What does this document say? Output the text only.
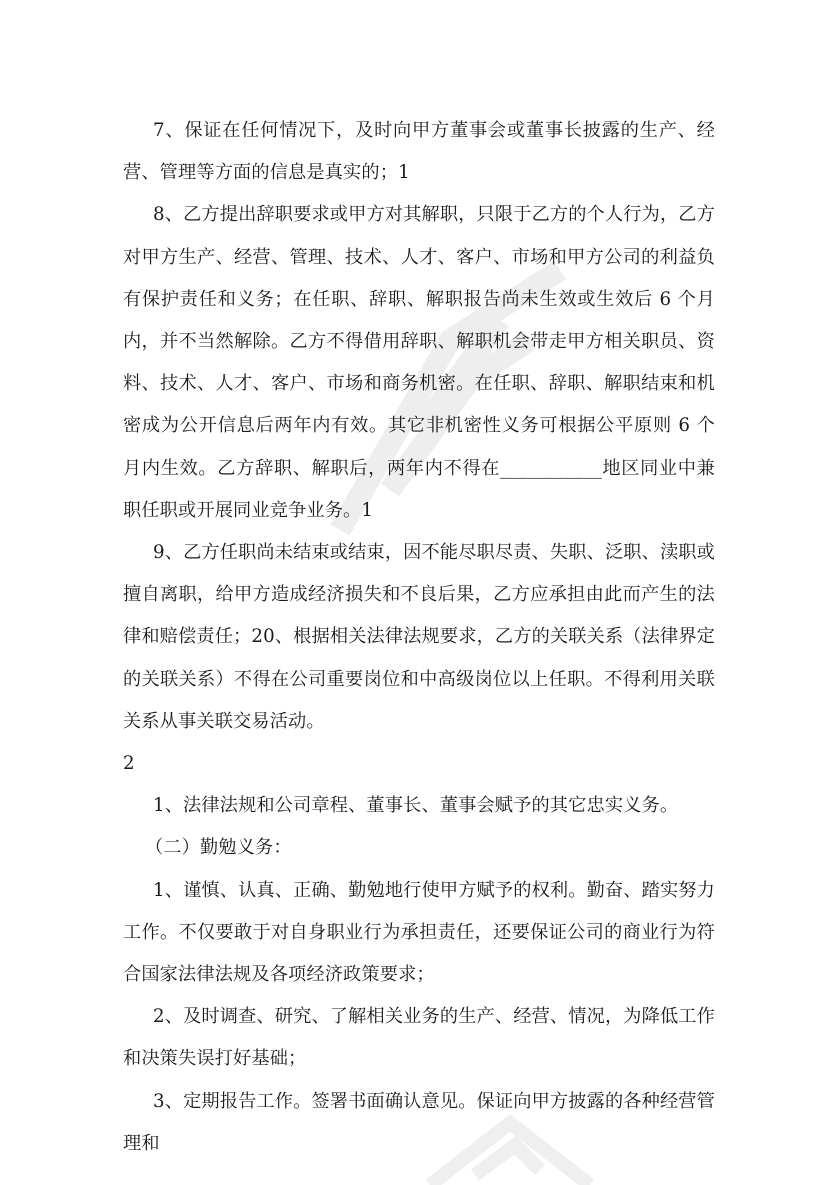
7、保证在任何情况下，及时向甲方董事会或董事长披露的生产、经营、管理等方面的信息是真实的；1

8、乙方提出辞职要求或甲方对其解职，只限于乙方的个人行为，乙方对甲方生产、经营、管理、技术、人才、客户、市场和甲方公司的利益负有保护责任和义务；在任职、辞职、解职报告尚未生效或生效后 6 个月内，并不当然解除。乙方不得借用辞职、解职机会带走甲方相关职员、资料、技术、人才、客户、市场和商务机密。在任职、辞职、解职结束和机密成为公开信息后两年内有效。其它非机密性义务可根据公平原则 6 个月内生效。乙方辞职、解职后，两年内不得在___________地区同业中兼职任职或开展同业竞争业务。1

9、乙方任职尚未结束或结束，因不能尽职尽责、失职、泛职、渎职或擅自离职，给甲方造成经济损失和不良后果，乙方应承担由此而产生的法律和赔偿责任；20、根据相关法律法规要求，乙方的关联关系（法律界定的关联关系）不得在公司重要岗位和中高级岗位以上任职。不得利用关联关系从事关联交易活动。

2

1、法律法规和公司章程、董事长、董事会赋予的其它忠实义务。

（二）勤勉义务：

1、谨慎、认真、正确、勤勉地行使甲方赋予的权利。勤奋、踏实努力工作。不仅要敢于对自身职业行为承担责任，还要保证公司的商业行为符合国家法律法规及各项经济政策要求；

2、及时调查、研究、了解相关业务的生产、经营、情况，为降低工作和决策失误打好基础；

3、定期报告工作。签署书面确认意见。保证向甲方披露的各种经营管理和
